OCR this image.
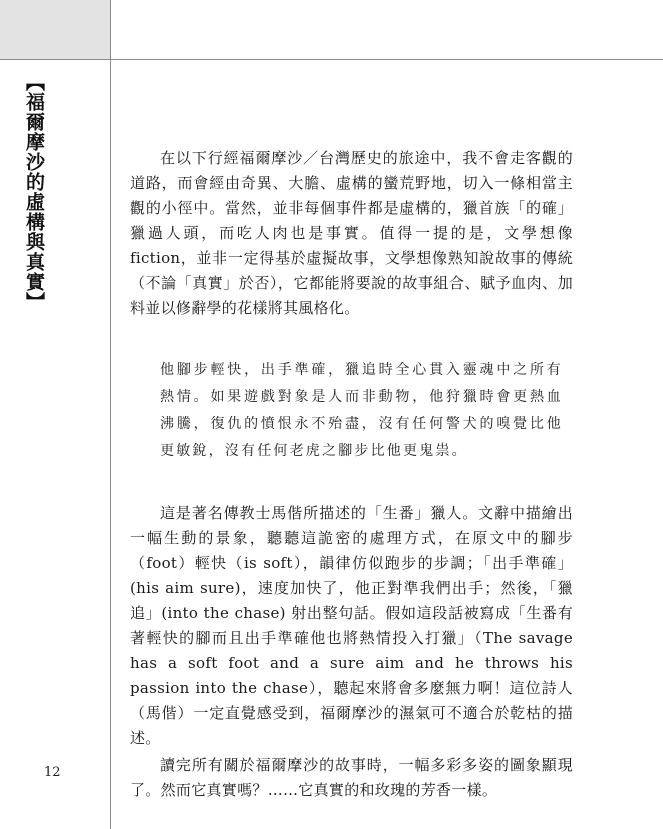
【福爾摩沙的虛構與真實】	在以下行經福爾摩沙／台灣歷史的旅途中，我不會走客觀的道路，而會經由奇異、大膽、虛構的蠻荒野地，切入一條相當主觀的小徑中。當然，並非每個事件都是虛構的，獵首族「的確」獵過人頭，而吃人肉也是事實。值得一提的是，文學想像 fiction，並非一定得基於虛擬故事，文學想像熟知說故事的傳統（不論「真實」於否），它都能將要說的故事組合、賦予血肉、加料並以修辭學的花樣將其風格化。

他腳步輕快，出手準確，獵追時全心貫入靈魂中之所有熱情。如果遊戲對象是人而非動物，他狩獵時會更熱血沸騰，復仇的憤恨永不殆盡，沒有任何警犬的嗅覺比他更敏銳，沒有任何老虎之腳步比他更鬼祟。

這是著名傳教士馬偕所描述的「生番」獵人。文辭中描繪出一幅生動的景象，聽聽這詭密的處理方式，在原文中的腳步（foot）輕快（is soft），韻律仿似跑步的步調；「出手準確」(his aim sure)，速度加快了，他正對準我們出手；然後，「獵追」(into the chase) 射出整句話。假如這段話被寫成「生番有著輕快的腳而且出手準確他也將熱情投入打獵」（The savage has a soft foot and a sure aim and he throws his passion into the chase），聽起來將會多麼無力啊！這位詩人（馬偕）一定直覺感受到，福爾摩沙的濕氣可不適合於乾枯的描述。

讀完所有關於福爾摩沙的故事時，一幅多彩多姿的圖象顯現了。然而它真實嗎？……它真實的和玫瑰的芳香一樣。

12
